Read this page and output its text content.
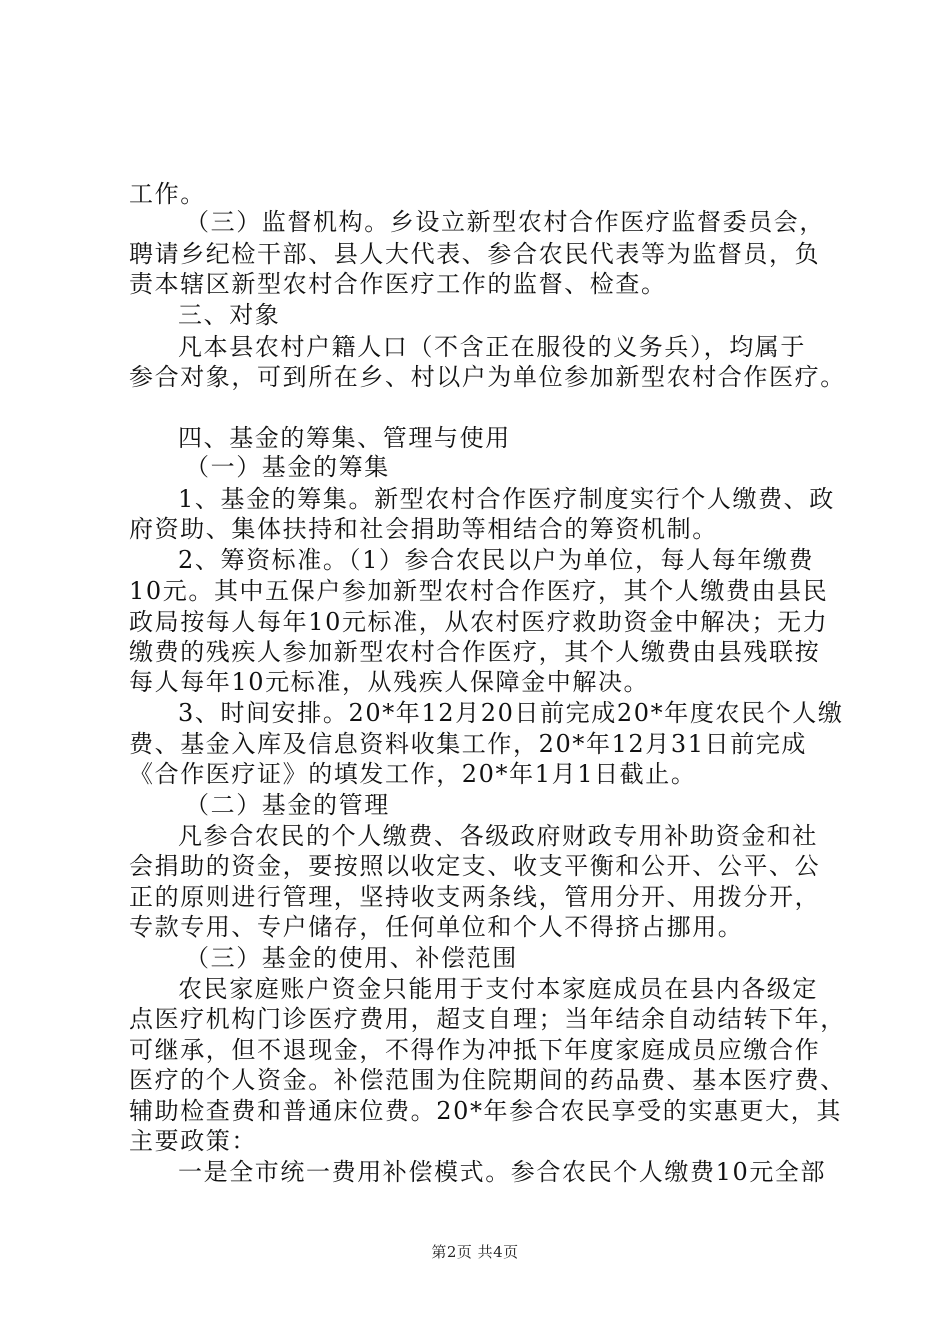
工作。
（三）监督机构。乡设立新型农村合作医疗监督委员会，
聘请乡纪检干部、县人大代表、参合农民代表等为监督员，负
责本辖区新型农村合作医疗工作的监督、检查。
三、对象
凡本县农村户籍人口（不含正在服役的义务兵），均属于
参合对象，可到所在乡、村以户为单位参加新型农村合作医疗。
四、基金的筹集、管理与使用
（一）基金的筹集
1、基金的筹集。新型农村合作医疗制度实行个人缴费、政
府资助、集体扶持和社会捐助等相结合的筹资机制。
2、筹资标准。（1）参合农民以户为单位，每人每年缴费
10元。其中五保户参加新型农村合作医疗，其个人缴费由县民
政局按每人每年10元标准，从农村医疗救助资金中解决；无力
缴费的残疾人参加新型农村合作医疗，其个人缴费由县残联按
每人每年10元标准，从残疾人保障金中解决。
3、时间安排。20*年12月20日前完成20*年度农民个人缴
费、基金入库及信息资料收集工作，20*年12月31日前完成
《合作医疗证》的填发工作，20*年1月1日截止。
（二）基金的管理
凡参合农民的个人缴费、各级政府财政专用补助资金和社
会捐助的资金，要按照以收定支、收支平衡和公开、公平、公
正的原则进行管理，坚持收支两条线，管用分开、用拨分开，
专款专用、专户储存，任何单位和个人不得挤占挪用。
（三）基金的使用、补偿范围
农民家庭账户资金只能用于支付本家庭成员在县内各级定
点医疗机构门诊医疗费用，超支自理；当年结余自动结转下年，
可继承，但不退现金，不得作为冲抵下年度家庭成员应缴合作
医疗的个人资金。补偿范围为住院期间的药品费、基本医疗费、
辅助检查费和普通床位费。20*年参合农民享受的实惠更大，其
主要政策：
一是全市统一费用补偿模式。参合农民个人缴费10元全部
第2页 共4页
